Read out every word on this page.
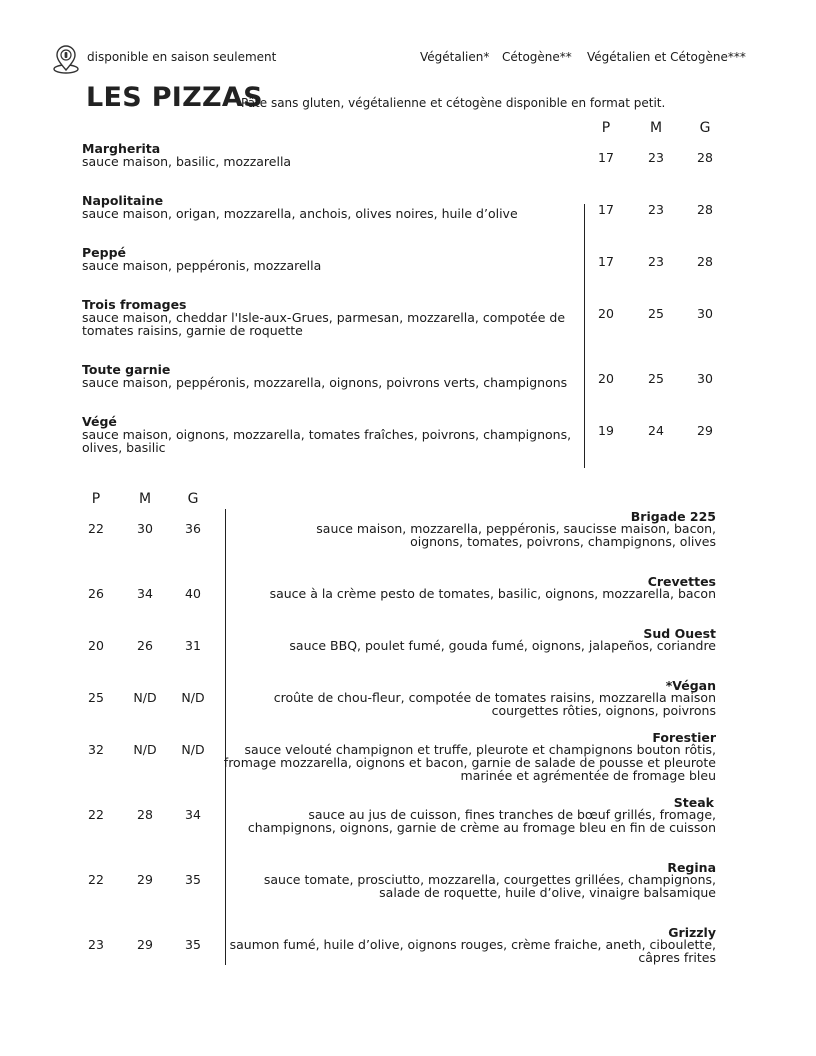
disponible en saison seulement	Végétalien* Cétogène** Végétalien et Cétogène***
LES PIZZAS
Pâte sans gluten, végétalienne et cétogène disponible en format petit.
P	M	G
Margherita
sauce maison, basilic, mozzarella	17	23	28
Napolitaine
sauce maison, origan, mozzarella, anchois, olives noires, huile d’olive	17	23	28
Peppé
sauce maison, peppéronis, mozzarella	17	23	28
Trois fromages
sauce maison, cheddar l'Isle-aux-Grues, parmesan, mozzarella, compotée de
tomates raisins, garnie de roquette
20	25	30
Toute garnie
sauce maison, peppéronis, mozzarella, oignons, poivrons verts, champignons	20	25	30
Végé
sauce maison, oignons, mozzarella, tomates fraîches, poivrons, champignons,
olives, basilic
19	24	29
P	M	G
Brigade 225
sauce maison, mozzarella, peppéronis, saucisse maison, bacon,
oignons, tomates, poivrons, champignons, olives
22	30	36
Crevettes
sauce à la crème pesto de tomates, basilic, oignons, mozzarella, bacon
26	34	40
Sud Ouest
sauce BBQ, poulet fumé, gouda fumé, oignons, jalapeños, coriandre
20	26	31
*Végan
croûte de chou-fleur, compotée de tomates raisins, mozzarella maison
courgettes rôties, oignons, poivrons
25	N/D	N/D
Forestier
sauce velouté champignon et truffe, pleurote et champignons bouton rôtis,
fromage mozzarella, oignons et bacon, garnie de salade de pousse et pleurote
marinée et agrémentée de fromage bleu
32	N/D	N/D
Steak
sauce au jus de cuisson, fines tranches de bœuf grillés, fromage,
champignons, oignons, garnie de crème au fromage bleu en fin de cuisson
22	28	34
Regina
sauce tomate, prosciutto, mozzarella, courgettes grillées, champignons,
salade de roquette, huile d’olive, vinaigre balsamique
22	29	35
Grizzly
saumon fumé, huile d’olive, oignons rouges, crème fraiche, aneth, ciboulette,
câpres frites
23	29	35
